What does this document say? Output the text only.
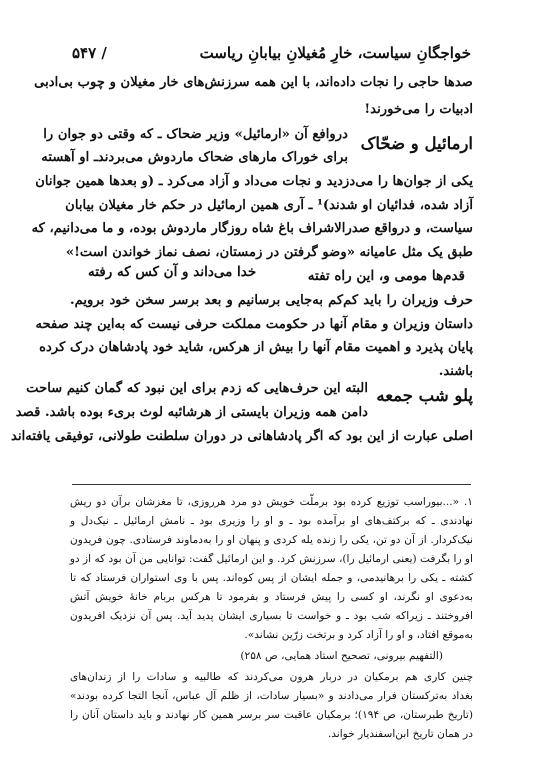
خواجگانِ سیاست، خارِ مُغیلانِ بیابانِ ریاست
/ ۵۴۷
صدها حاجی را نجات داده‌اند، با این همه سرزنش‌های خار مغیلان و چوب بی‌ادبی
ادبیات را می‌خورند!
ارمائیل و ضحّاک
دروافع آن «ارمائیل» وزیر ضحاک ـ که وقتی دو جوان را
برای خوراک مارهای ضحاک ماردوش می‌بردند‌ـ او آهسته
یکی از جوان‌ها را می‌دزدید و نجات می‌داد و آزاد می‌کرد ـ (و بعدها همین جوانان
آزاد شده، فدائیان او شدند)¹ ـ آری همین ارمائیل در حکم خار مغیلان بیابان
سیاست، و درواقع صدرالاشراف باغ شاه روزگار ماردوش بوده، و ما می‌دانیم، که
طبق یک مثل عامیانه «وضو گرفتن در زمستان، نصف نماز خواندن است!»
قدم‌ها مومی و، این راه تفته
خدا می‌داند و آن کس که رفته
حرف وزیران را باید کم‌کم به‌جایی برسانیم و بعد بر‌سر سخن خود برویم.
داستان وزیران و مقام آنها در حکومت مملکت حرفی نیست که به‌این چند صفحه
پایان پذیرد و اهمیت مقام آنها را بیش از هرکس، شاید خود پادشاهان درک کرده
باشند.
پلو شب جمعه
البته این حرف‌هایی که زدم برای این نبود که گمان کنیم ساحت
دامن همه وزیران بایستی از هرشائبه لوث بریء بوده باشد. قصد
اصلی عبارت از این بود که اگر پادشاهانی در دوران سلطنت طولانی، توفیقی یافته‌اند
۱. «...بیوراسب توزیع کرده بود برملّت خویش دو مرد هرروزی، تا مغزشان برآن دو ریش
نهادندی ـ که برکتف‌های او برآمده بود ـ و او را وزیری بود ـ نامش ارمائیل ـ نیک‌دل و
نیک‌کردار. از آن دو تن، یکی را زنده یله کردی و پنهان او را به‌دماوند فرستادی. چون فریدون
او را بگرفت (یعنی ارمائیل را)، سرزنش کرد. و این ارمائیل گفت: توانایی من آن بود که از دو
کشته ـ یکی را برهانیدمی، و جمله ایشان از پس کوه‌اند. پس با وی استواران فرستاد که تا
به‌دعوی او نگرند، او کسی را پیش فرستاد و بفرمود تا هرکس بربام خانهٔ خویش آتش
افروختند ـ زیراکه شب بود ـ و خواست تا بسیاری ایشان پدید آید. پس آن نزدیک افریدون
به‌موقع افتاد، و او را آزاد کرد و برتخت زرّین نشاند».
(التفهیم بیرونی، تصحیح استاد همایی، ص ۲۵۸)
چنین کاری هم برمکیان در دربار هرون می‌کردند که طالبیه و سادات را از زندان‌های
بغداد به‌ترکستان فرار می‌دادند و «بسیار سادات، از ظلم آل عباس، آنجا التجا کرده بودند»
(تاریخ طبرستان، ص ۱۹۴)؛ برمکیان عاقبت سر برسر همین کار نهادند و باید داستان آنان را
در همان تاریخ ابن‌اسفندیار خواند.
